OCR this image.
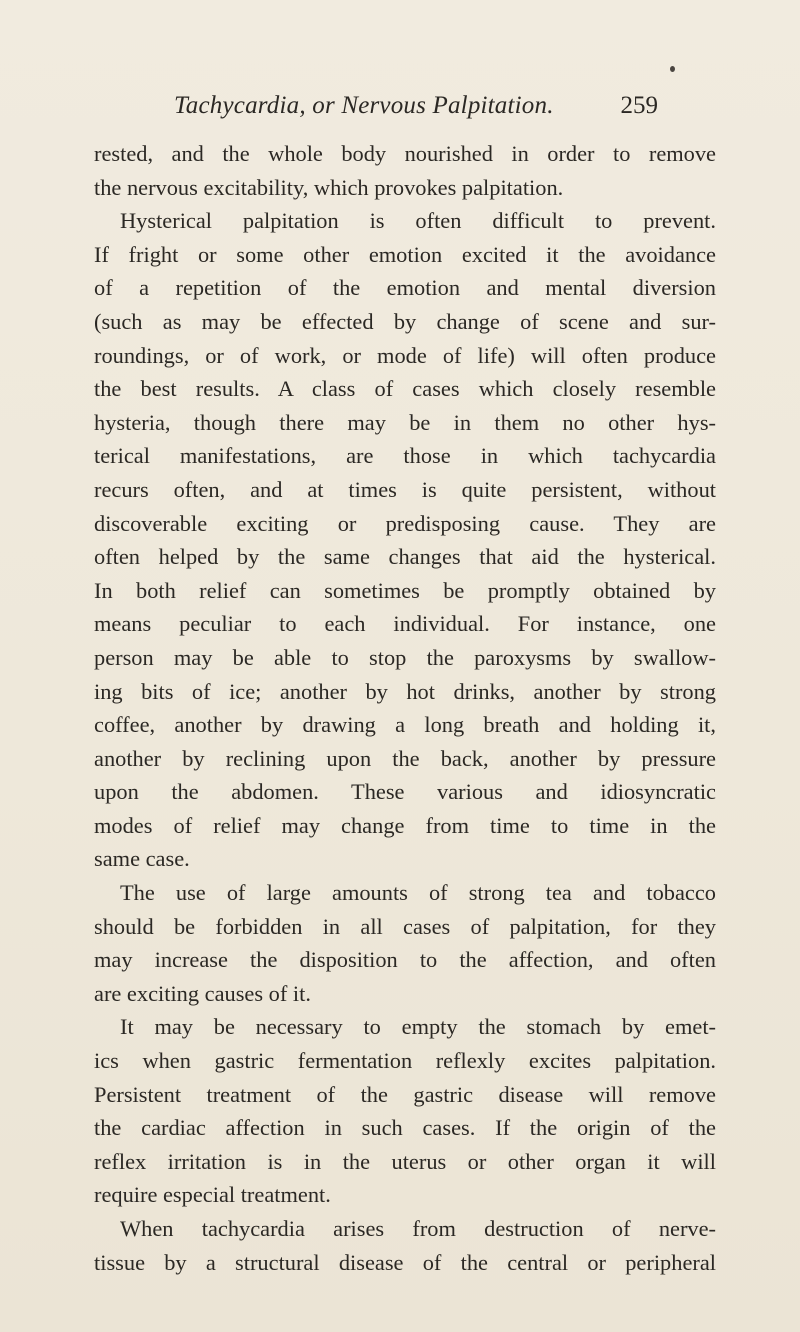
Tachycardia, or Nervous Palpitation.	259
rested, and the whole body nourished in order to remove
the nervous excitability, which provokes palpitation.
Hysterical palpitation is often difficult to prevent.
If fright or some other emotion excited it the avoidance
of a repetition of the emotion and mental diversion
(such as may be effected by change of scene and sur-
roundings, or of work, or mode of life) will often produce
the best results. A class of cases which closely resemble
hysteria, though there may be in them no other hys-
terical manifestations, are those in which tachycardia
recurs often, and at times is quite persistent, without
discoverable exciting or predisposing cause. They are
often helped by the same changes that aid the hysterical.
In both relief can sometimes be promptly obtained by
means peculiar to each individual. For instance, one
person may be able to stop the paroxysms by swallow-
ing bits of ice; another by hot drinks, another by strong
coffee, another by drawing a long breath and holding it,
another by reclining upon the back, another by pressure
upon the abdomen. These various and idiosyncratic
modes of relief may change from time to time in the
same case.
The use of large amounts of strong tea and tobacco
should be forbidden in all cases of palpitation, for they
may increase the disposition to the affection, and often
are exciting causes of it.
It may be necessary to empty the stomach by emet-
ics when gastric fermentation reflexly excites palpitation.
Persistent treatment of the gastric disease will remove
the cardiac affection in such cases. If the origin of the
reflex irritation is in the uterus or other organ it will
require especial treatment.
When tachycardia arises from destruction of nerve-
tissue by a structural disease of the central or peripheral
